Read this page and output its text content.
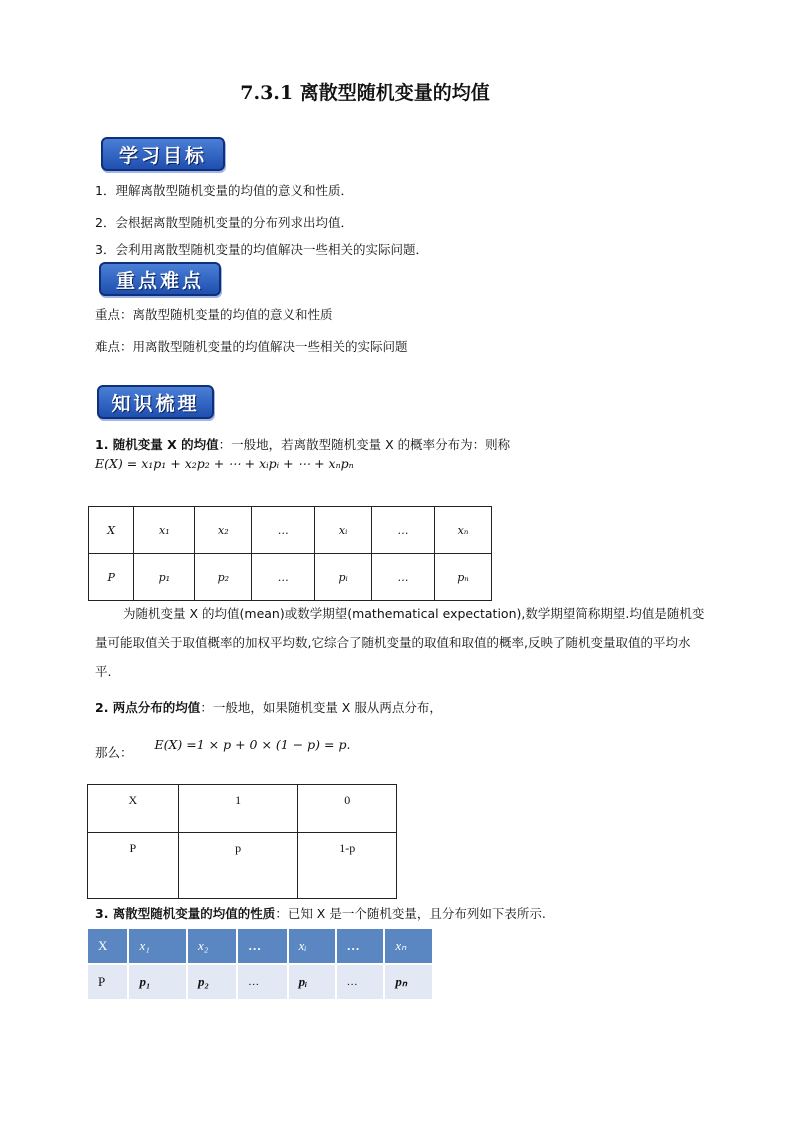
7.3.1 离散型随机变量的均值
学习目标
1．理解离散型随机变量的均值的意义和性质．
2．会根据离散型随机变量的分布列求出均值．
3．会利用离散型随机变量的均值解决一些相关的实际问题．
重点难点
重点：离散型随机变量的均值的意义和性质
难点：用离散型随机变量的均值解决一些相关的实际问题
知识梳理
1. 随机变量 X 的均值：一般地，若离散型随机变量 X 的概率分布为：则称
E(X) = x₁p₁ + x₂p₂ + ⋯ + xᵢpᵢ + ⋯ + xₙpₙ
X	x₁	x₂	…	xᵢ	…	xₙ
P	p₁	p₂	…	pᵢ	…	pₙ
为随机变量 X 的均值(mean)或数学期望(mathematical expectation),数学期望简称期望.均值是随机变量可能取值关于取值概率的加权平均数,它综合了随机变量的取值和取值的概率,反映了随机变量取值的平均水平.
2. 两点分布的均值：一般地，如果随机变量 X 服从两点分布，
那么： E(X) =1 × p + 0 × (1 − p) = p.
X	1	0
P	p	1-p
3. 离散型随机变量的均值的性质：已知 X 是一个随机变量，且分布列如下表所示.
X	x₁	x₂	…	xᵢ	…	xₙ
P	p₁	p₂	…	pᵢ	…	pₙ
